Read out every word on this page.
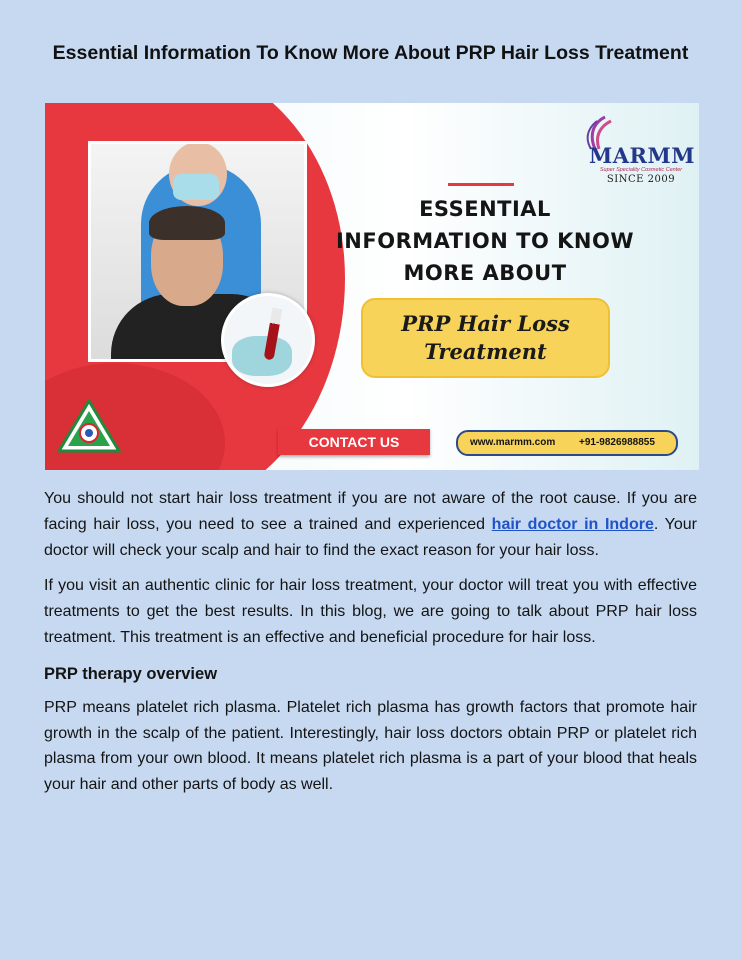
Essential Information To Know More About PRP Hair Loss Treatment
MARMM
Super Speciality Cosmetic Center
SINCE 2009
ESSENTIAL
INFORMATION TO KNOW
MORE ABOUT
PRP Hair Loss
Treatment
CONTACT US	www.marmm.com +91-9826988855

You should not start hair loss treatment if you are not aware of the root cause. If you are facing hair loss, you need to see a trained and experienced hair doctor in Indore. Your doctor will check your scalp and hair to find the exact reason for your hair loss.

If you visit an authentic clinic for hair loss treatment, your doctor will treat you with effective treatments to get the best results. In this blog, we are going to talk about PRP hair loss treatment. This treatment is an effective and beneficial procedure for hair loss.

PRP therapy overview

PRP means platelet rich plasma. Platelet rich plasma has growth factors that promote hair growth in the scalp of the patient. Interestingly, hair loss doctors obtain PRP or platelet rich plasma from your own blood. It means platelet rich plasma is a part of your blood that heals your hair and other parts of body as well.
